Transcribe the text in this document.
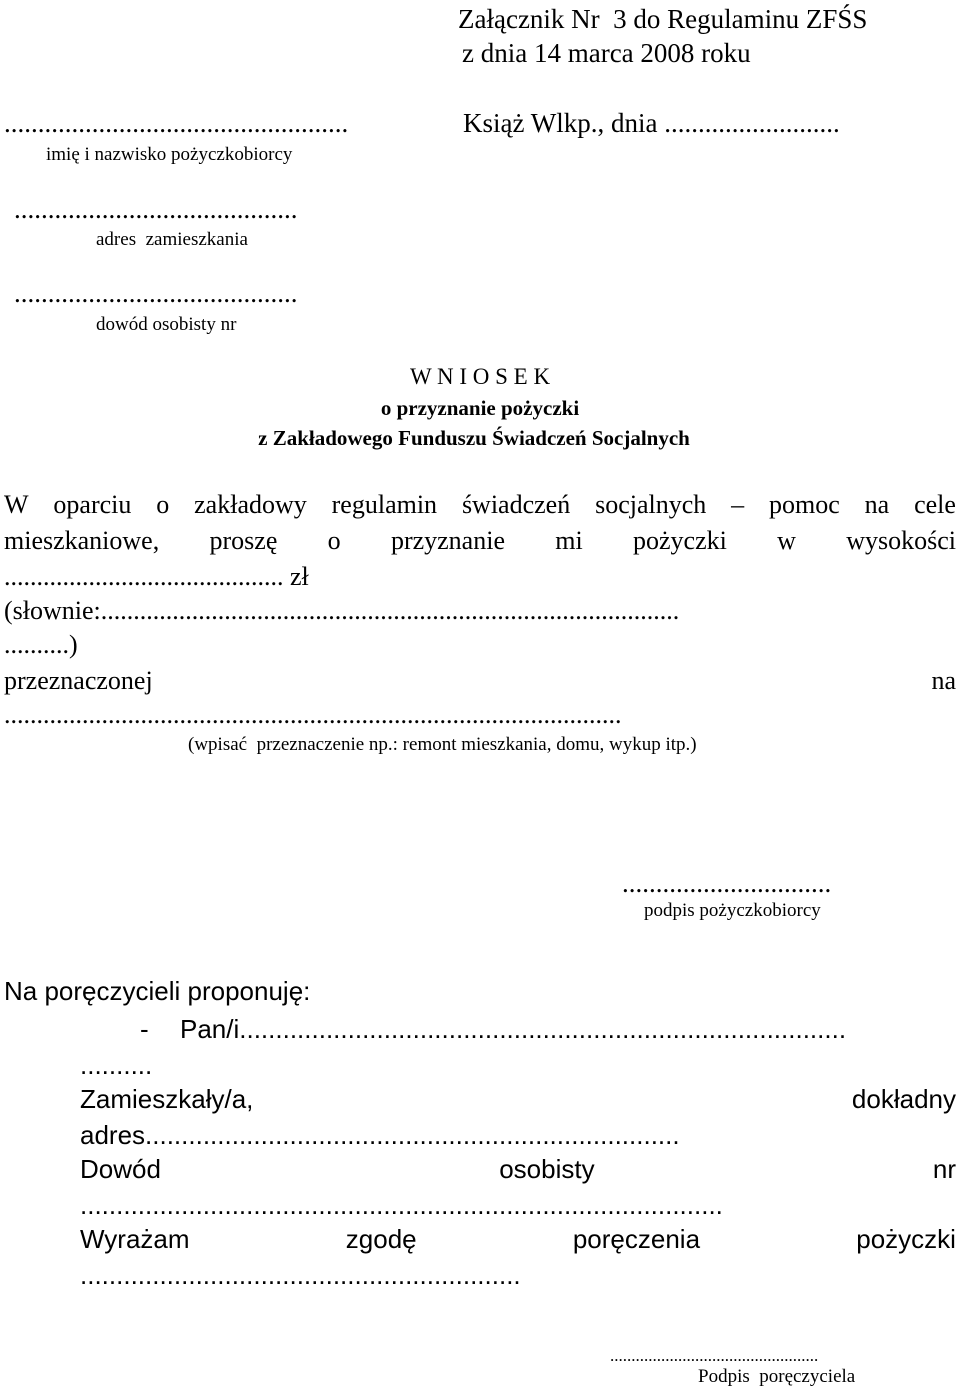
Załącznik Nr  3 do Regulaminu ZFŚS
z dnia 14 marca 2008 roku
...................................................	Książ Wlkp., dnia ..........................
imię i nazwisko pożyczkobiorcy
..........................................
adres  zamieszkania
..........................................
dowód osobisty nr
W N I O S E K
o przyznanie pożyczki
z Zakładowego Funduszu Świadczeń Socjalnych
W oparciu o zakładowy regulamin świadczeń socjalnych – pomoc na cele
mieszkaniowe, proszę o przyznanie mi pożyczki w wysokości
........................................... zł
(słownie:.........................................................................................
..........)
przeznaczonej	na
...............................................................................................
(wpisać  przeznaczenie np.: remont mieszkania, domu, wykup itp.)
...............................
podpis pożyczkobiorcy
Na poręczycieli proponuję:
- Pan/i....................................................................................
..........
Zamieszkały/a,	dokładny
adres..........................................................................
Dowód	osobisty	nr
.........................................................................................
Wyrażam	zgodę	poręczenia	pożyczki
.............................................................
.................................................
Podpis  poręczyciela
